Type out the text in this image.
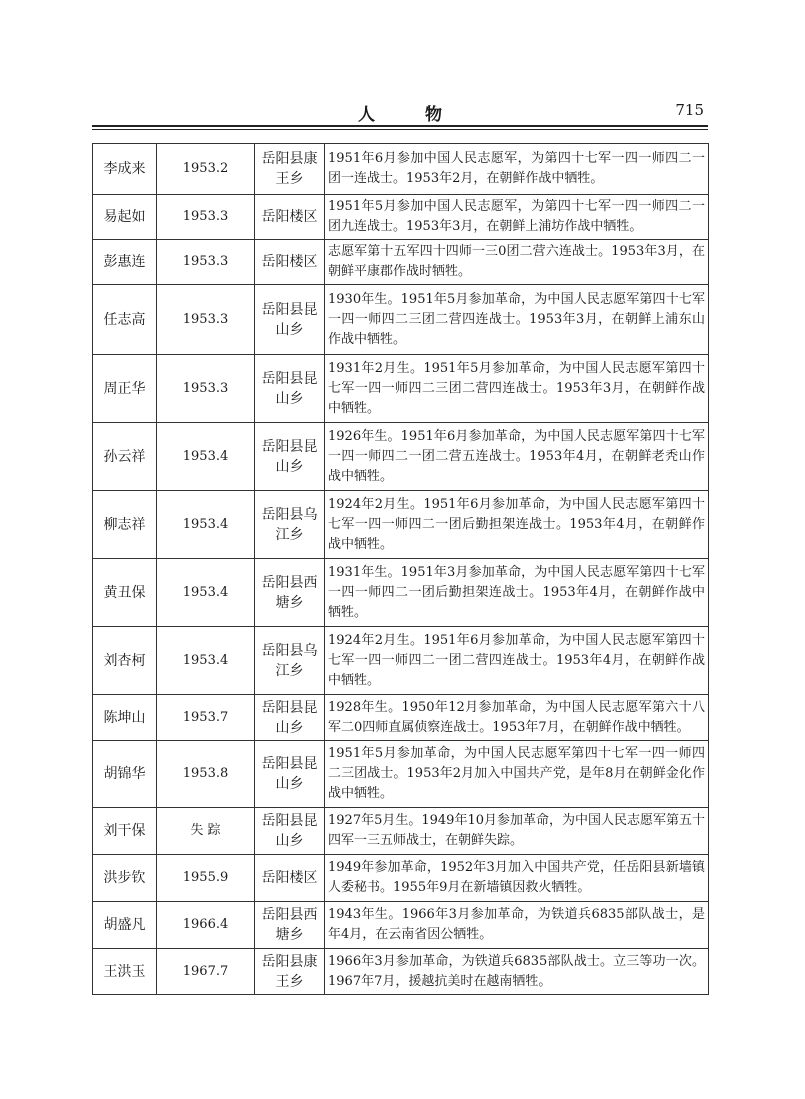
人 物	715
李成来	1953.2	岳阳县康王乡	1951年6月参加中国人民志愿军，为第四十七军一四一师四二一团一连战士。1953年2月，在朝鲜作战中牺牲。
易起如	1953.3	岳阳楼区	1951年5月参加中国人民志愿军，为第四十七军一四一师四二一团九连战士。1953年3月，在朝鲜上浦坊作战中牺牲。
彭惠连	1953.3	岳阳楼区	志愿军第十五军四十四师一三0团二营六连战士。1953年3月，在朝鲜平康郡作战时牺牲。
任志高	1953.3	岳阳县昆山乡	1930年生。1951年5月参加革命，为中国人民志愿军第四十七军一四一师四二三团二营四连战士。1953年3月，在朝鲜上浦东山作战中牺牲。
周正华	1953.3	岳阳县昆山乡	1931年2月生。1951年5月参加革命，为中国人民志愿军第四十七军一四一师四二三团二营四连战士。1953年3月，在朝鲜作战中牺牲。
孙云祥	1953.4	岳阳县昆山乡	1926年生。1951年6月参加革命，为中国人民志愿军第四十七军一四一师四二一团二营五连战士。1953年4月，在朝鲜老秃山作战中牺牲。
柳志祥	1953.4	岳阳县乌江乡	1924年2月生。1951年6月参加革命，为中国人民志愿军第四十七军一四一师四二一团后勤担架连战士。1953年4月，在朝鲜作战中牺牲。
黄丑保	1953.4	岳阳县西塘乡	1931年生。1951年3月参加革命，为中国人民志愿军第四十七军一四一师四二一团后勤担架连战士。1953年4月，在朝鲜作战中牺牲。
刘杏柯	1953.4	岳阳县乌江乡	1924年2月生。1951年6月参加革命，为中国人民志愿军第四十七军一四一师四二一团二营四连战士。1953年4月，在朝鲜作战中牺牲。
陈坤山	1953.7	岳阳县昆山乡	1928年生。1950年12月参加革命，为中国人民志愿军第六十八军二0四师直属侦察连战士。1953年7月，在朝鲜作战中牺牲。
胡锦华	1953.8	岳阳县昆山乡	1951年5月参加革命，为中国人民志愿军第四十七军一四一师四二三团战士。1953年2月加入中国共产党，是年8月在朝鲜金化作战中牺牲。
刘干保	失 踪	岳阳县昆山乡	1927年5月生。1949年10月参加革命，为中国人民志愿军第五十四军一三五师战士，在朝鲜失踪。
洪步钦	1955.9	岳阳楼区	1949年参加革命，1952年3月加入中国共产党，任岳阳县新墙镇人委秘书。1955年9月在新墙镇因救火牺牲。
胡盛凡	1966.4	岳阳县西塘乡	1943年生。1966年3月参加革命，为铁道兵6835部队战士，是年4月，在云南省因公牺牲。
王洪玉	1967.7	岳阳县康王乡	1966年3月参加革命，为铁道兵6835部队战士。立三等功一次。1967年7月，援越抗美时在越南牺牲。
